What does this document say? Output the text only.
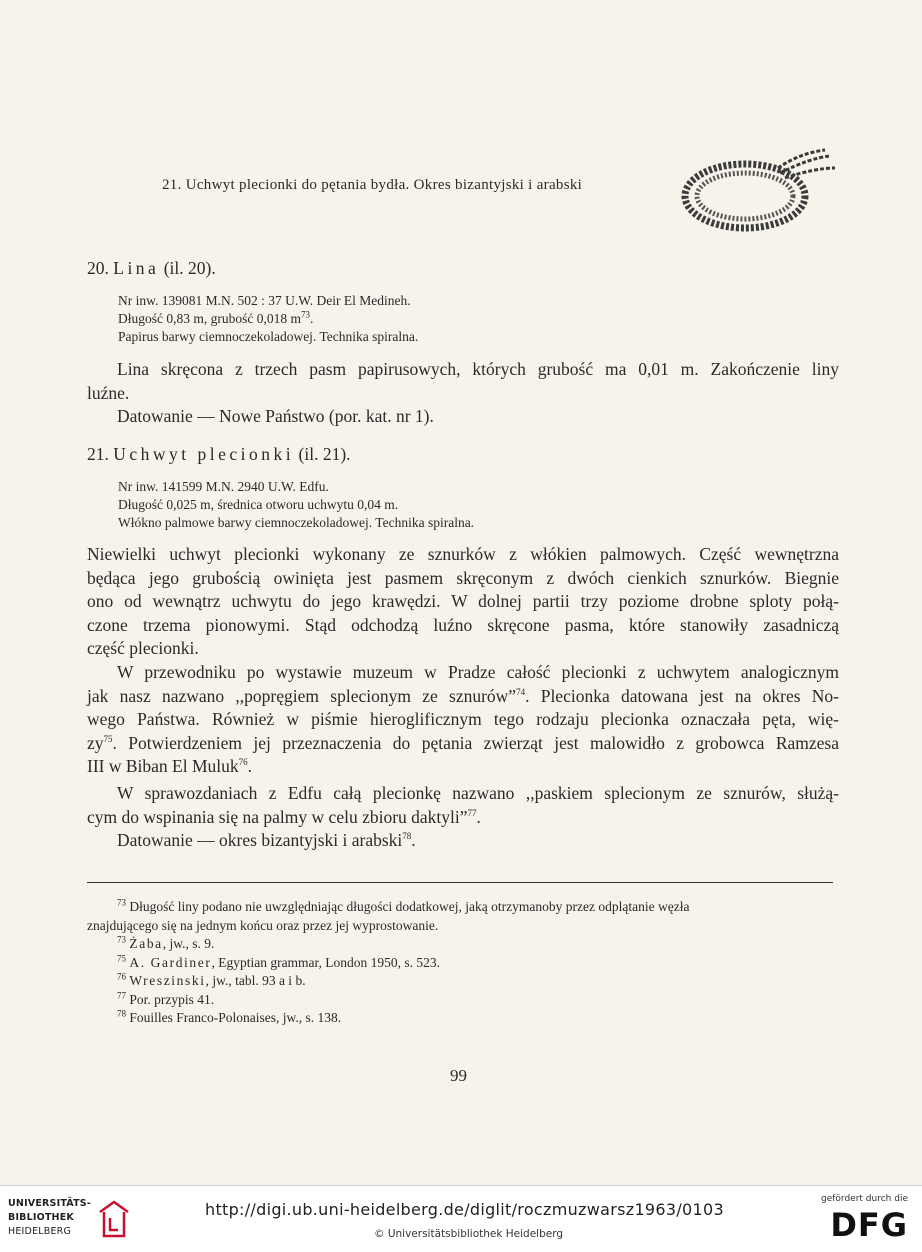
21. Uchwyt plecionki do pętania bydła. Okres bizantyjski i arabski
20. Lina (il. 20).
Nr inw. 139081 M.N. 502 : 37 U.W. Deir El Medineh.
Długość 0,83 m, grubość 0,018 $m^{73}$.
Papirus barwy ciemnoczekoladowej. Technika spiralna.
Lina skręcona z trzech pasm papirusowych, których grubość ma 0,01 m. Zakończenie liny
luźne.
Datowanie — Nowe Państwo (por. kat. nr 1).
21. Uchwyt plecionki (il. 21).
Nr inw. 141599 M.N. 2940 U.W. Edfu.
Długość 0,025 m, średnica otworu uchwytu 0,04 m.
Włókno palmowe barwy ciemnoczekoladowej. Technika spiralna.
Niewielki uchwyt plecionki wykonany ze sznurków z włókien palmowych. Część wewnętrzna
będąca jego grubością owinięta jest pasmem skręconym z dwóch cienkich sznurków. Biegnie
ono od wewnątrz uchwytu do jego krawędzi. W dolnej partii trzy poziome drobne sploty połą-
czone trzema pionowymi. Stąd odchodzą luźno skręcone pasma, które stanowiły zasadniczą
część plecionki.
W przewodniku po wystawie muzeum w Pradze całość plecionki z uchwytem analogicznym
jak nasz nazwano ,,popręgiem splecionym ze sznurów”$^{74}$. Plecionka datowana jest na okres No-
wego Państwa. Również w piśmie hieroglificznym tego rodzaju plecionka oznaczała pęta, wię-
$zy^{75}$. Potwierdzeniem jej przeznaczenia do pętania zwierząt jest malowidło z grobowca Ramzesa
III w Biban El Muluk$^{76}$.
W sprawozdaniach z Edfu całą plecionkę nazwano ,,paskiem splecionym ze sznurów, służą-
cym do wspinania się na palmy w celu zbioru daktyli”$^{77}$.
Datowanie — okres bizantyjski i arabski$^{78}$.
$^{73}$ Długość liny podano nie uwzględniając długości dodatkowej, jaką otrzymanoby przez odplątanie węzła
znajdującego się na jednym końcu oraz przez jej wyprostowanie.
$^{73}$ Żaba, jw., s. 9.
$^{75}$ A. Gardiner, Egyptian grammar, London 1950, s. 523.
$^{76}$ Wreszinski, jw., tabl. 93 a i b.
$^{77}$ Por. przypis 41.
$^{78}$ Fouilles Franco-Polonaises, jw., s. 138.
99
UNIVERSITÄTS-
BIBLIOTHEK
HEIDELBERG
http://digi.ub.uni-heidelberg.de/diglit/roczmuzwarsz1963/0103
© Universitätsbibliothek Heidelberg
gefördert durch die
DFG
